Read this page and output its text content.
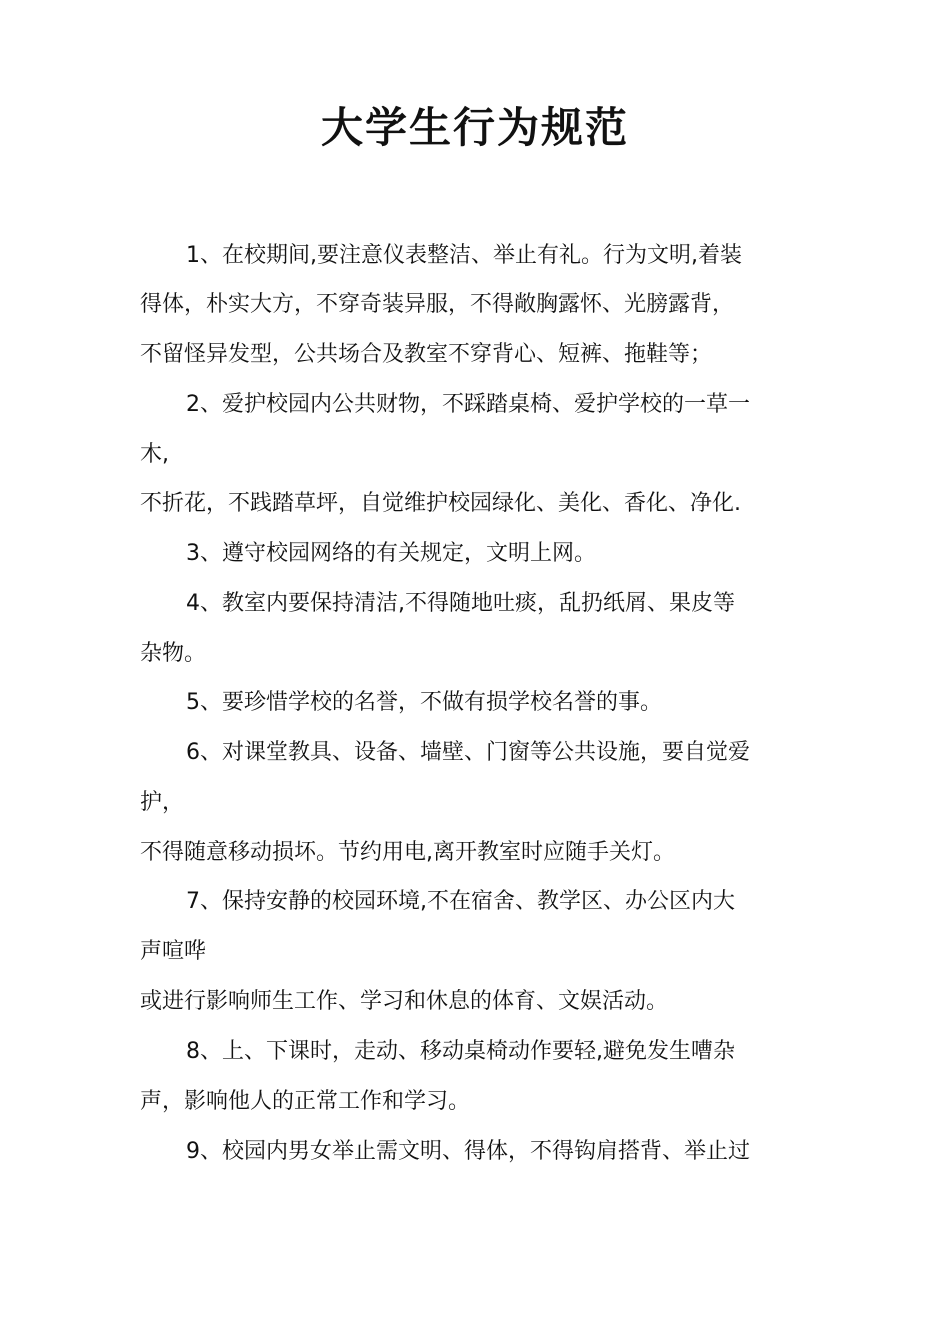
大学生行为规范

1、在校期间,要注意仪表整洁、举止有礼。行为文明,着装

得体，朴实大方，不穿奇装异服，不得敞胸露怀、光膀露背，

不留怪异发型，公共场合及教室不穿背心、短裤、拖鞋等；

2、爱护校园内公共财物，不踩踏桌椅、爱护学校的一草一

木,

不折花，不践踏草坪，自觉维护校园绿化、美化、香化、净化.

3、遵守校园网络的有关规定，文明上网。

4、教室内要保持清洁,不得随地吐痰，乱扔纸屑、果皮等

杂物。

5、要珍惜学校的名誉，不做有损学校名誉的事。

6、对课堂教具、设备、墙壁、门窗等公共设施，要自觉爱

护，

不得随意移动损坏。节约用电,离开教室时应随手关灯。

7、保持安静的校园环境,不在宿舍、教学区、办公区内大

声喧哗

或进行影响师生工作、学习和休息的体育、文娱活动。

8、上、下课时，走动、移动桌椅动作要轻,避免发生嘈杂

声，影响他人的正常工作和学习。

9、校园内男女举止需文明、得体，不得钩肩搭背、举止过
